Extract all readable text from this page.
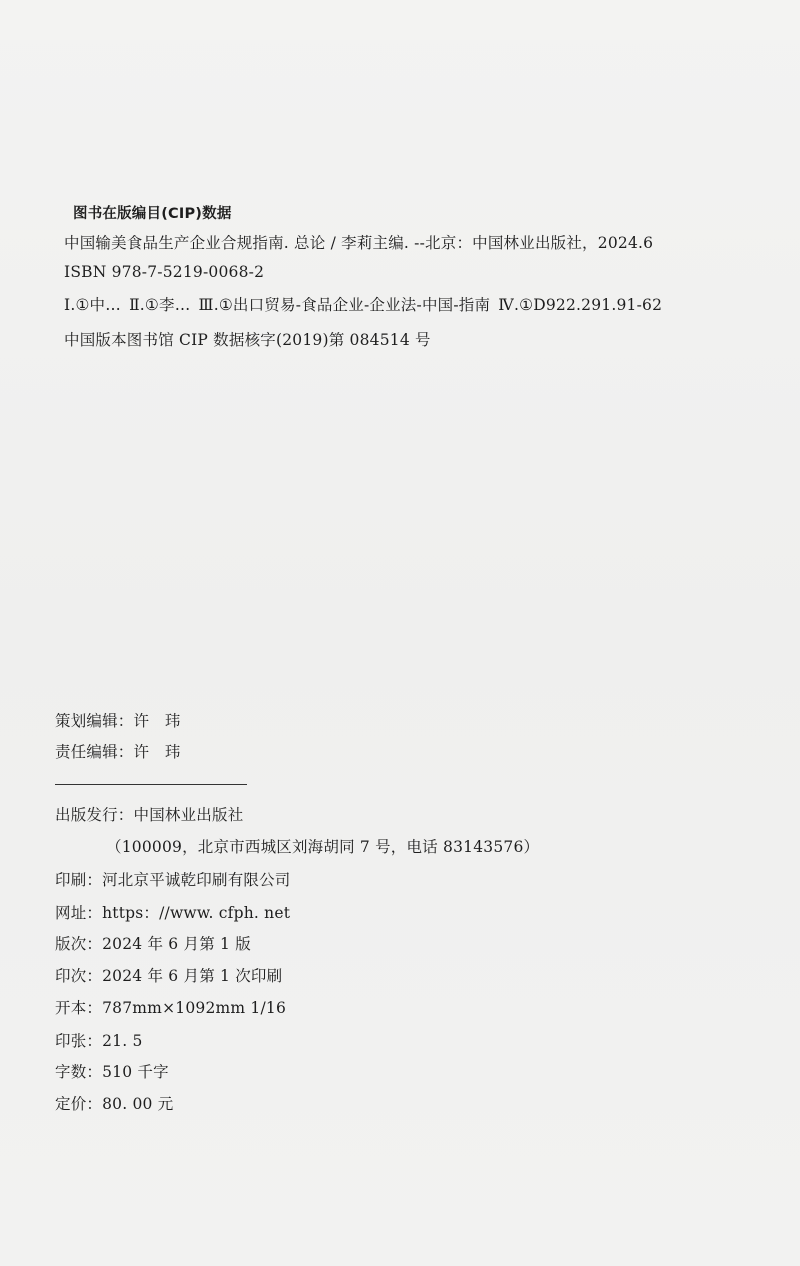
图书在版编目(CIP)数据
中国输美食品生产企业合规指南. 总论 / 李莉主编. --北京：中国林业出版社，2024.6
ISBN 978-7-5219-0068-2
Ⅰ.①中… Ⅱ.①李… Ⅲ.①出口贸易-食品企业-企业法-中国-指南 Ⅳ.①D922.291.91-62
中国版本图书馆 CIP 数据核字(2019)第 084514 号
策划编辑：许　玮
责任编辑：许　玮
出版发行：中国林业出版社
（100009，北京市西城区刘海胡同 7 号，电话 83143576）
印刷：河北京平诚乾印刷有限公司
网址：https：//www. cfph. net
版次：2024 年 6 月第 1 版
印次：2024 年 6 月第 1 次印刷
开本：787mm×1092mm 1/16
印张：21. 5
字数：510 千字
定价：80. 00 元
